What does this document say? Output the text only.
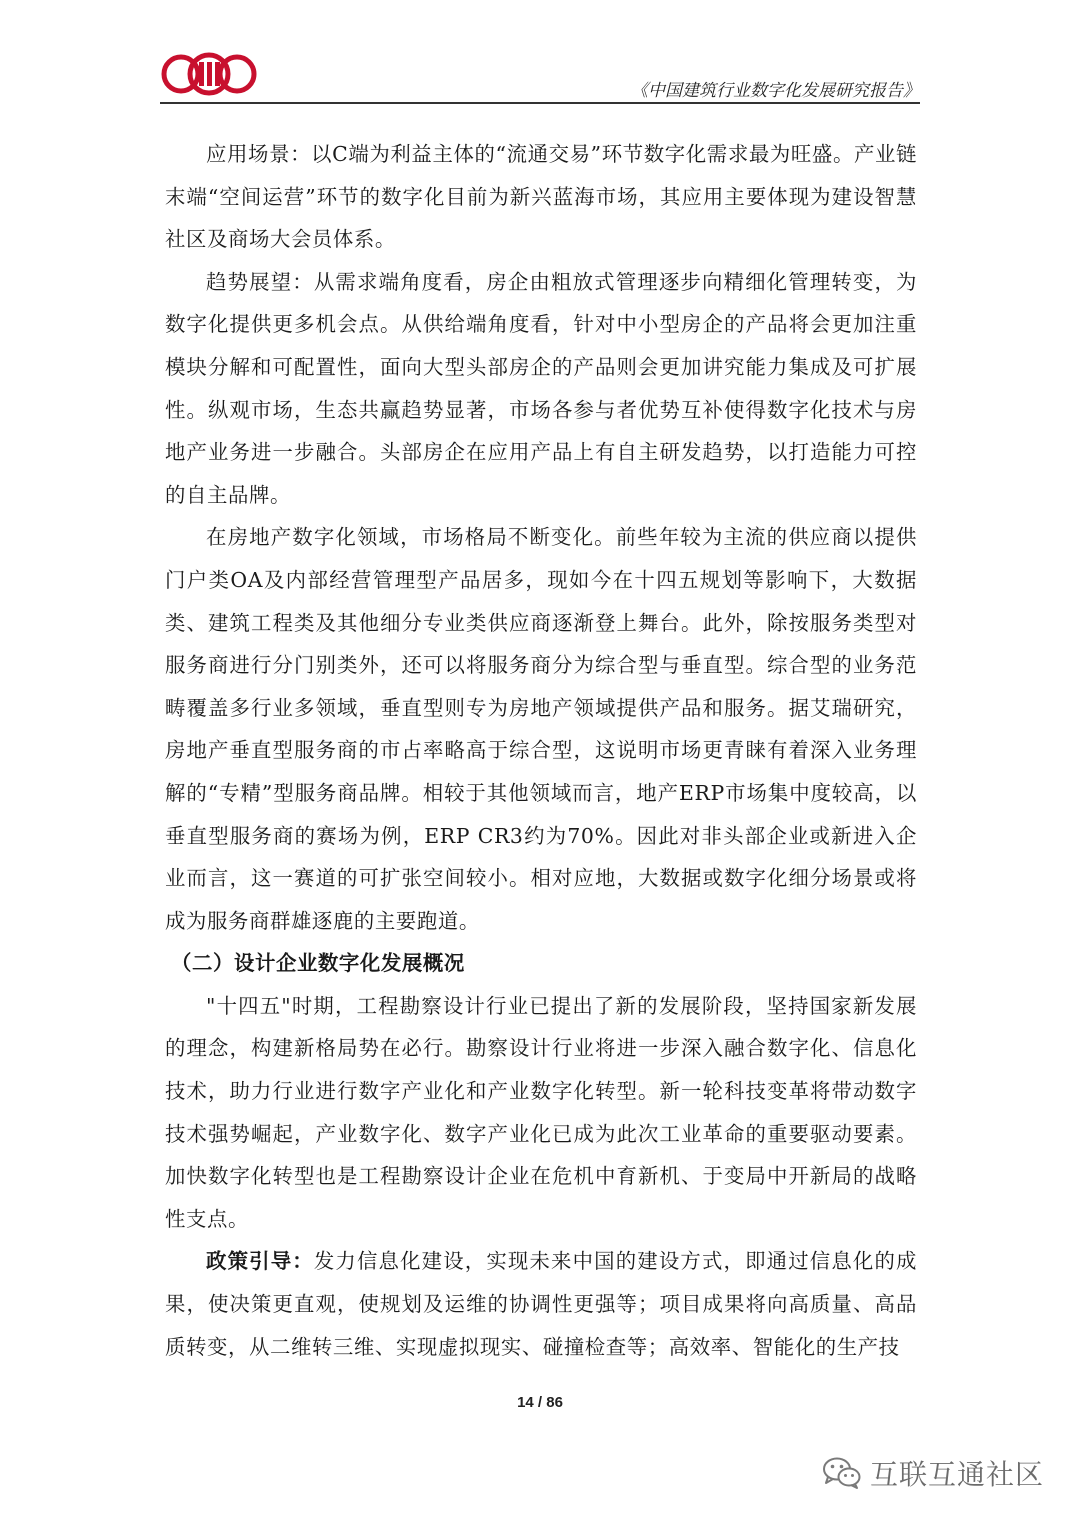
《中国建筑行业数字化发展研究报告》

应用场景：以C端为利益主体的“流通交易”环节数字化需求最为旺盛。产业链末端“空间运营”环节的数字化目前为新兴蓝海市场，其应用主要体现为建设智慧社区及商场大会员体系。

趋势展望：从需求端角度看，房企由粗放式管理逐步向精细化管理转变，为数字化提供更多机会点。从供给端角度看，针对中小型房企的产品将会更加注重模块分解和可配置性，面向大型头部房企的产品则会更加讲究能力集成及可扩展性。纵观市场，生态共赢趋势显著，市场各参与者优势互补使得数字化技术与房地产业务进一步融合。头部房企在应用产品上有自主研发趋势，以打造能力可控的自主品牌。

在房地产数字化领域，市场格局不断变化。前些年较为主流的供应商以提供门户类OA及内部经营管理型产品居多，现如今在十四五规划等影响下，大数据类、建筑工程类及其他细分专业类供应商逐渐登上舞台。此外，除按服务类型对服务商进行分门别类外，还可以将服务商分为综合型与垂直型。综合型的业务范畴覆盖多行业多领域，垂直型则专为房地产领域提供产品和服务。据艾瑞研究，房地产垂直型服务商的市占率略高于综合型，这说明市场更青睐有着深入业务理解的“专精”型服务商品牌。相较于其他领域而言，地产ERP市场集中度较高，以垂直型服务商的赛场为例，ERP CR3约为70%。因此对非头部企业或新进入企业而言，这一赛道的可扩张空间较小。相对应地，大数据或数字化细分场景或将成为服务商群雄逐鹿的主要跑道。

（二）设计企业数字化发展概况

"十四五"时期，工程勘察设计行业已提出了新的发展阶段，坚持国家新发展的理念，构建新格局势在必行。勘察设计行业将进一步深入融合数字化、信息化技术，助力行业进行数字产业化和产业数字化转型。新一轮科技变革将带动数字技术强势崛起，产业数字化、数字产业化已成为此次工业革命的重要驱动要素。加快数字化转型也是工程勘察设计企业在危机中育新机、于变局中开新局的战略性支点。

政策引导：发力信息化建设，实现未来中国的建设方式，即通过信息化的成果，使决策更直观，使规划及运维的协调性更强等；项目成果将向高质量、高品质转变，从二维转三维、实现虚拟现实、碰撞检查等；高效率、智能化的生产技

14 / 86
互联互通社区
